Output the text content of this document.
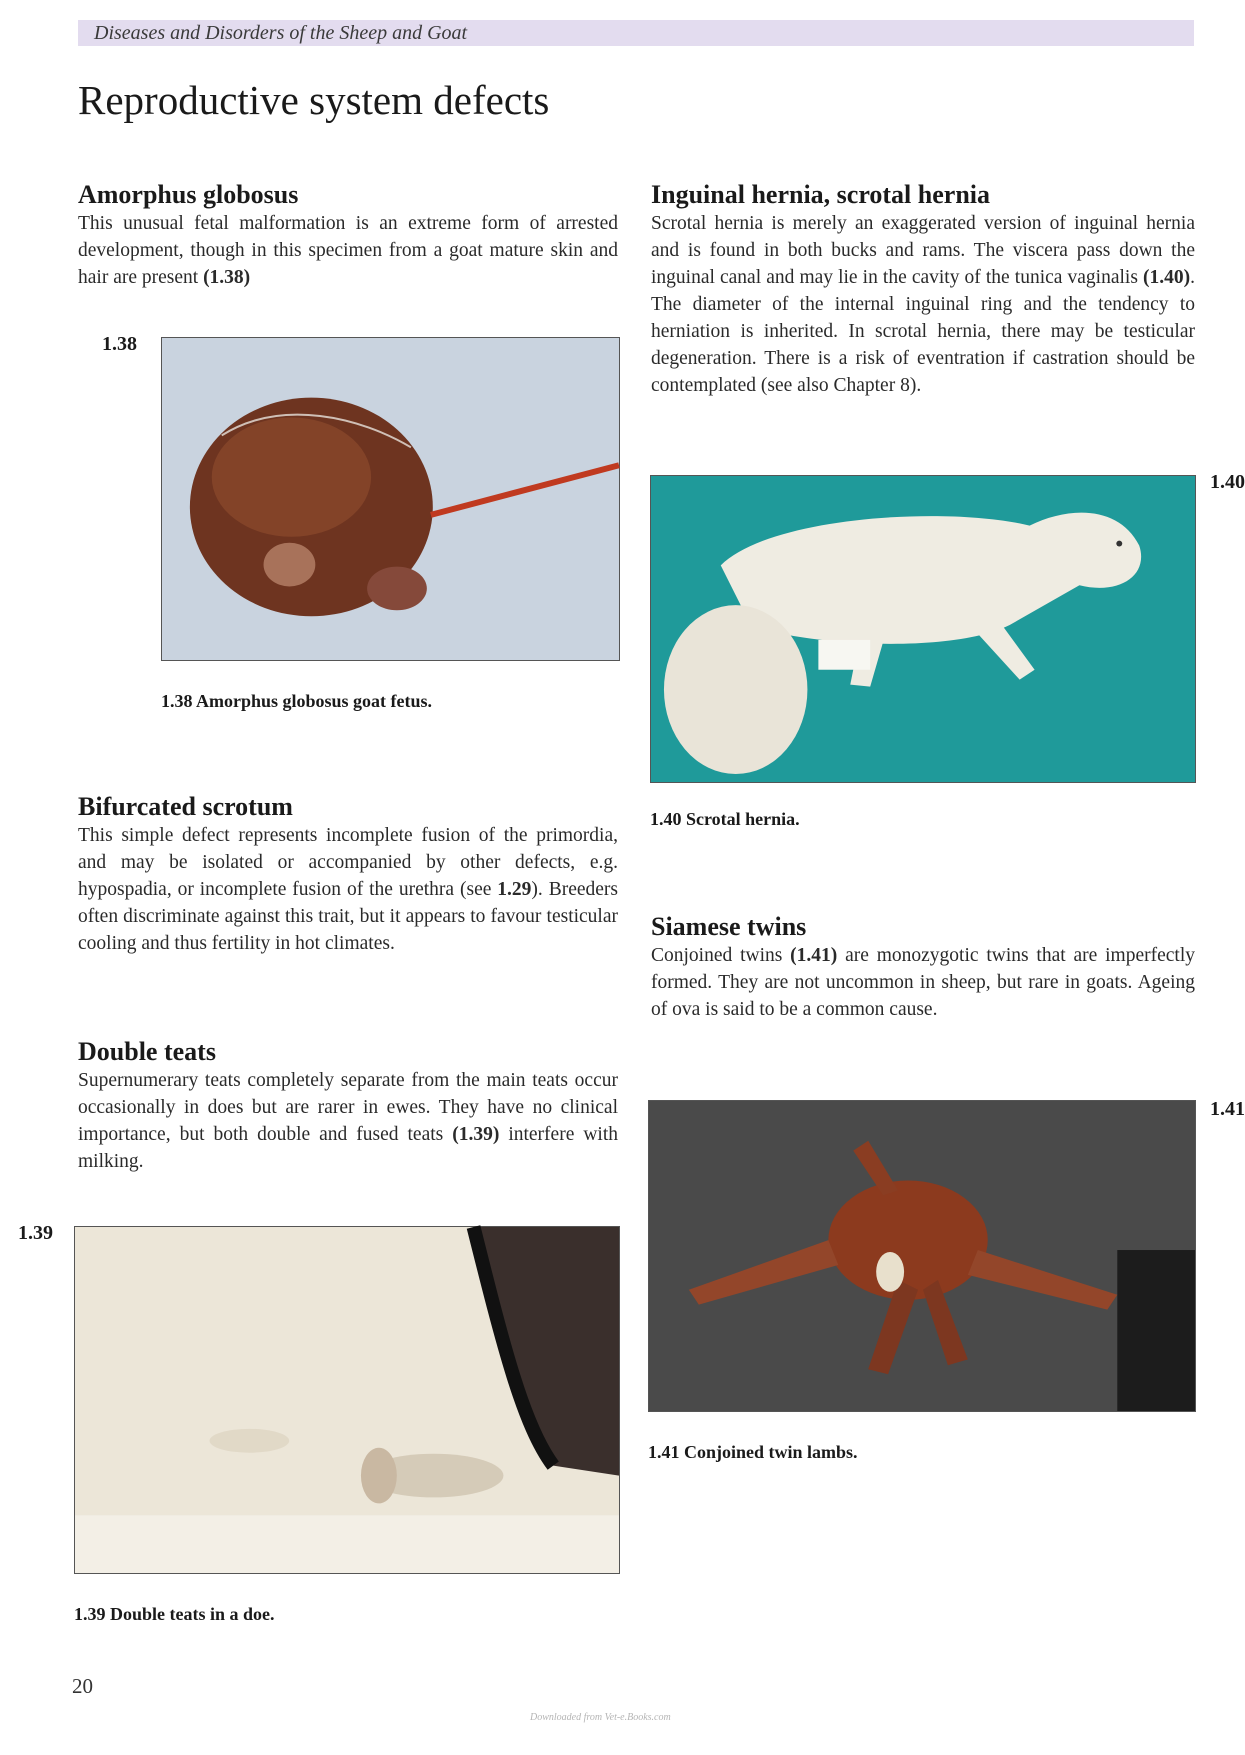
Diseases and Disorders of the Sheep and Goat
Reproductive system defects
Amorphus globosus

This unusual fetal malformation is an extreme form of arrested development, though in this specimen from a goat mature skin and hair are present (1.38)

1.38
1.38 Amorphus globosus goat fetus.
Bifurcated scrotum

This simple defect represents incomplete fusion of the primordia, and may be isolated or accompanied by other defects, e.g. hypospadia, or incomplete fusion of the urethra (see 1.29). Breeders often discriminate against this trait, but it appears to favour testicular cooling and thus fertility in hot climates.

Double teats

Supernumerary teats completely separate from the main teats occur occasionally in does but are rarer in ewes. They have no clinical importance, but both double and fused teats (1.39) interfere with milking.

1.39
1.39 Double teats in a doe.
Inguinal hernia, scrotal hernia

Scrotal hernia is merely an exaggerated version of inguinal hernia and is found in both bucks and rams. The viscera pass down the inguinal canal and may lie in the cavity of the tunica vaginalis (1.40). The diameter of the internal inguinal ring and the tendency to herniation is inherited. In scrotal hernia, there may be testicular degeneration. There is a risk of eventration if castration should be contemplated (see also Chapter 8).

1.40
1.40 Scrotal hernia.
Siamese twins

Conjoined twins (1.41) are monozygotic twins that are imperfectly formed. They are not uncommon in sheep, but rare in goats. Ageing of ova is said to be a common cause.

1.41
1.41 Conjoined twin lambs.
20
Downloaded from Vet-e.Books.com
